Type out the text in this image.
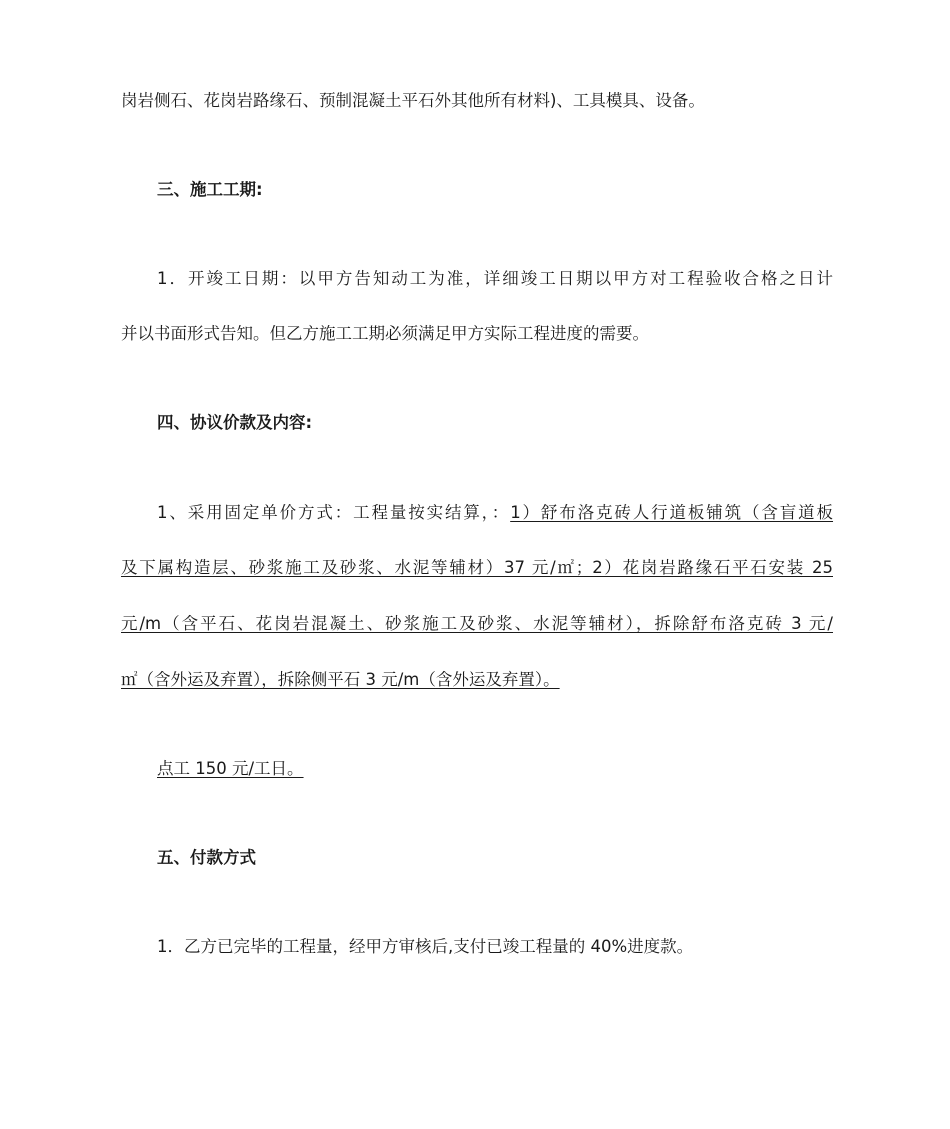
岗岩侧石、花岗岩路缘石、预制混凝土平石外其他所有材料)、工具模具、设备。
三、施工工期:
1．开竣工日期：以甲方告知动工为准，详细竣工日期以甲方对工程验收合格之日计
并以书面形式告知。但乙方施工工期必须满足甲方实际工程进度的需要。
四、协议价款及内容:
1、采用固定单价方式：工程量按实结算，：1）舒布洛克砖人行道板铺筑（含盲道板
及下属构造层、砂浆施工及砂浆、水泥等辅材）37 元/㎡；2）花岗岩路缘石平石安装 25
元/m（含平石、花岗岩混凝土、砂浆施工及砂浆、水泥等辅材），拆除舒布洛克砖 3 元/
㎡（含外运及弃置），拆除侧平石 3 元/m（含外运及弃置）。
点工 150 元/工日。
五、付款方式
1．乙方已完毕的工程量，经甲方审核后,支付已竣工程量的 40%进度款。
